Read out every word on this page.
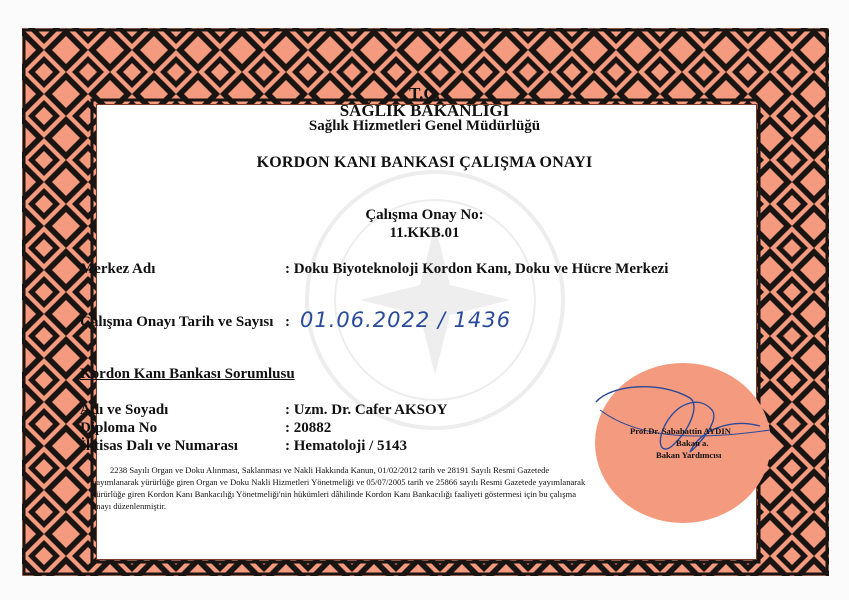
T.C.
SAĞLIK BAKANLIĞI
Sağlık Hizmetleri Genel Müdürlüğü
KORDON KANI BANKASI ÇALIŞMA ONAYI
Çalışma Onay No:
11.KKB.01
Merkez Adı	: Doku Biyoteknoloji Kordon Kanı, Doku ve Hücre Merkezi
Çalışma Onayı Tarih ve Sayısı : 01.06.2022 / 1436
Kordon Kanı Bankası Sorumlusu
Adı ve Soyadı	: Uzm. Dr. Cafer AKSOY
Diploma No	: 20882
İhtisas Dalı ve Numarası	: Hematoloji / 5143
2238 Sayılı Organ ve Doku Alınması, Saklanması ve Nakli Hakkında Kanun, 01/02/2012 tarih ve 28191 Sayılı Resmi Gazetede yayımlanarak yürürlüğe giren Organ ve Doku Nakli Hizmetleri Yönetmeliği ve 05/07/2005 tarih ve 25866 sayılı Resmi Gazetede yayımlanarak yürürlüğe giren Kordon Kanı Bankacılığı Yönetmeliği'nin hükümleri dâhilinde Kordon Kanı Bankacılığı faaliyeti göstermesi için bu çalışma onayı düzenlenmiştir.
Prof.Dr. Sabahattin AYDIN
Bakan a.
Bakan Yardımcısı
